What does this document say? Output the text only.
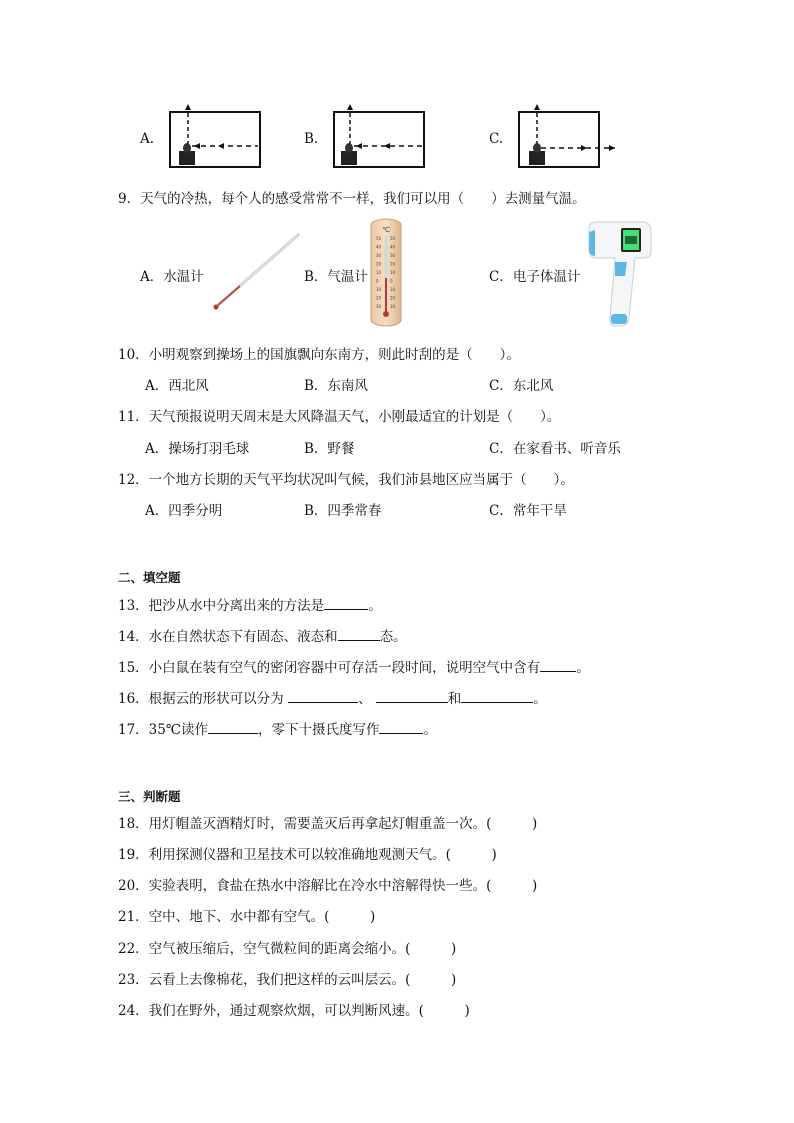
A.	B.	C.
9．天气的冷热，每个人的感受常常不一样，我们可以用（　　）去测量气温。
A．水温计	B．气温计
℃
50 50
40 40
30 30
20 20
10 10
0	0
10 10
20 20
30 30
C．电子体温计
10．小明观察到操场上的国旗飘向东南方，则此时刮的是（　　）。
A．西北风	B．东南风	C．东北风
11．天气预报说明天周末是大风降温天气，小刚最适宜的计划是（　　）。
A．操场打羽毛球	B．野餐	C．在家看书、听音乐
12．一个地方长期的天气平均状况叫气候，我们沛县地区应当属于（　　）。
A．四季分明	B．四季常春	C．常年干旱
二、填空题
13．把沙从水中分离出来的方法是	。
14．水在自然状态下有固态、液态和	态。
15．小白鼠在装有空气的密闭容器中可存活一段时间，说明空气中含有	。
16．根据云的形状可以分为	、	和	。
17．35℃读作	，零下十摄氏度写作	。
三、判断题
18．用灯帽盖灭酒精灯时，需要盖灭后再拿起灯帽重盖一次。(　　　)
19．利用探测仪器和卫星技术可以较准确地观测天气。(　　　)
20．实验表明，食盐在热水中溶解比在冷水中溶解得快一些。(　　　)
21．空中、地下、水中都有空气。(　　　)
22．空气被压缩后，空气微粒间的距离会缩小。(　　　)
23．云看上去像棉花，我们把这样的云叫层云。(　　　)
24．我们在野外，通过观察炊烟，可以判断风速。(　　　)
